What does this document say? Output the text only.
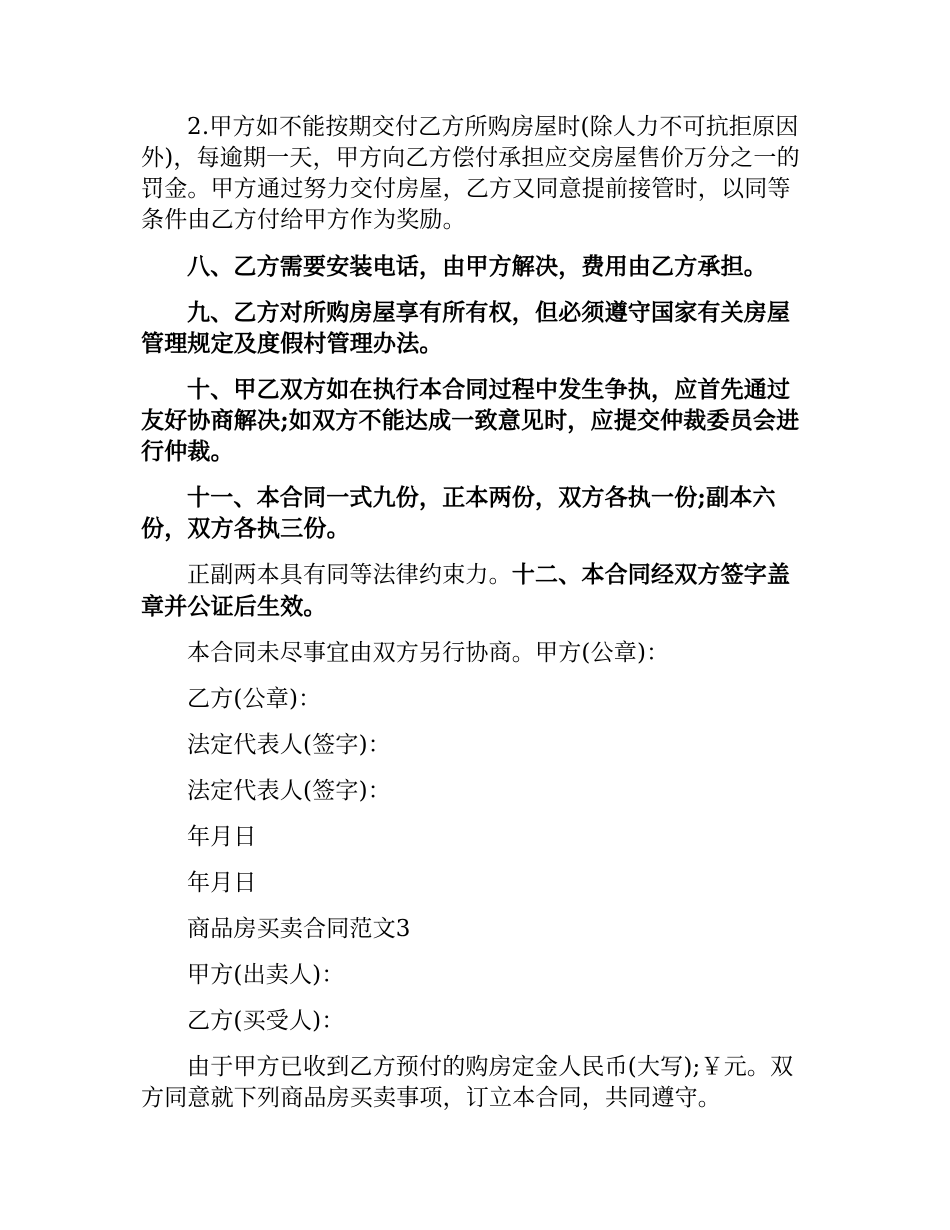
2.甲方如不能按期交付乙方所购房屋时(除人力不可抗拒原因外)，每逾期一天，甲方向乙方偿付承担应交房屋售价万分之一的罚金。甲方通过努力交付房屋，乙方又同意提前接管时，以同等条件由乙方付给甲方作为奖励。

八、乙方需要安装电话，由甲方解决，费用由乙方承担。

九、乙方对所购房屋享有所有权，但必须遵守国家有关房屋管理规定及度假村管理办法。

十、甲乙双方如在执行本合同过程中发生争执，应首先通过友好协商解决;如双方不能达成一致意见时，应提交仲裁委员会进行仲裁。

十一、本合同一式九份，正本两份，双方各执一份;副本六份，双方各执三份。

正副两本具有同等法律约束力。十二、本合同经双方签字盖章并公证后生效。

本合同未尽事宜由双方另行协商。甲方(公章)：

乙方(公章)：

法定代表人(签字)：

法定代表人(签字)：

年月日

年月日

商品房买卖合同范文3

甲方(出卖人)：

乙方(买受人)：

由于甲方已收到乙方预付的购房定金人民币(大写);￥元。双方同意就下列商品房买卖事项，订立本合同，共同遵守。
